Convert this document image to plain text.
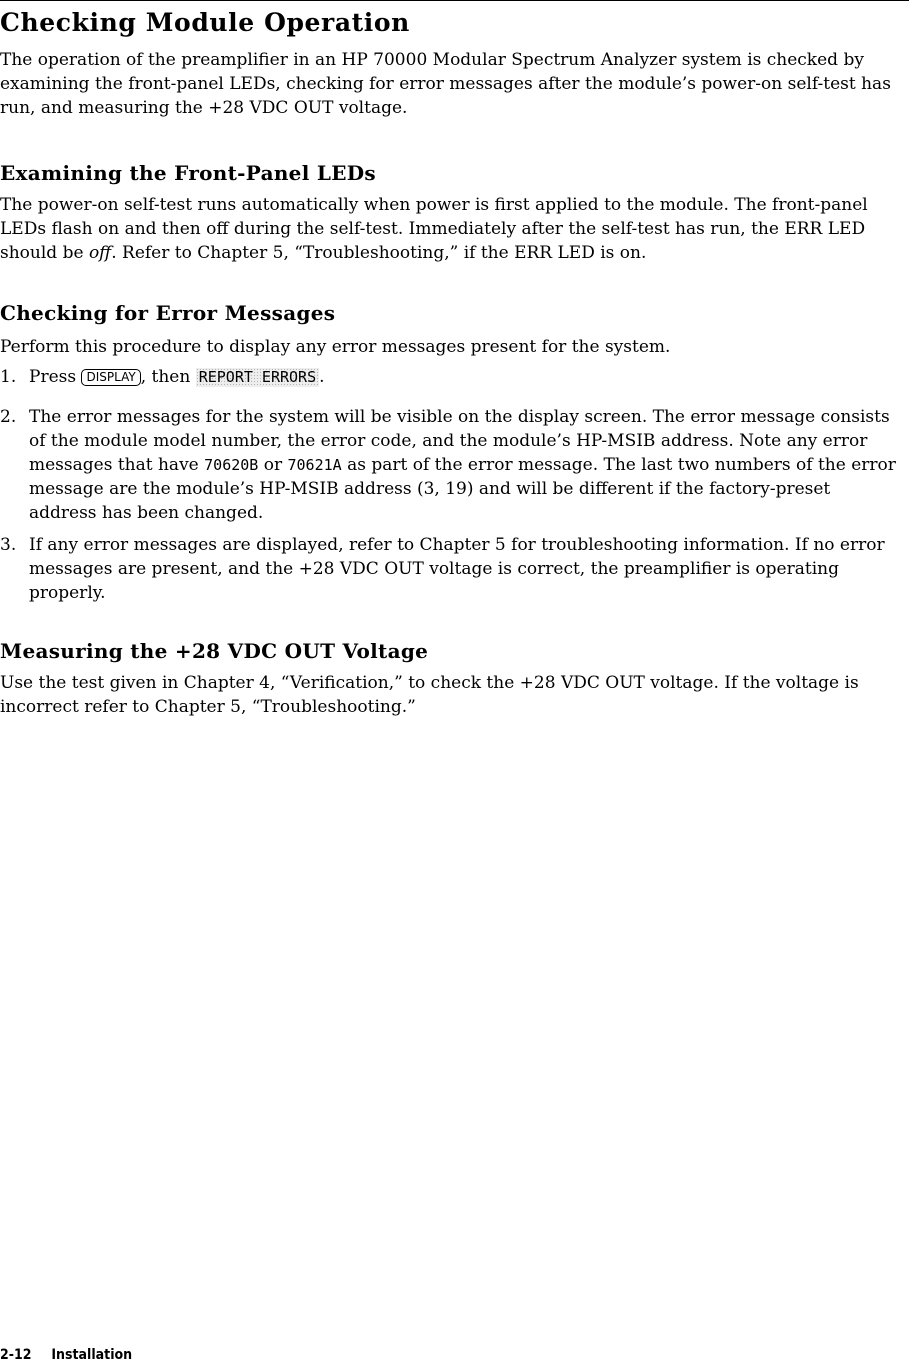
Checking Module Operation

The operation of the preamplifier in an HP 70000 Modular Spectrum Analyzer system is checked by examining the front-panel LEDs, checking for error messages after the module’s power-on self-test has run, and measuring the +28 VDC OUT voltage.

Examining the Front-Panel LEDs

The power-on self-test runs automatically when power is first applied to the module. The front-panel LEDs flash on and then off during the self-test. Immediately after the self-test has run, the ERR LED should be off. Refer to Chapter 5, “Troubleshooting,” if the ERR LED is on.

Checking for Error Messages

Perform this procedure to display any error messages present for the system.

1. Press DISPLAY , then REPORT ERRORS .
2. The error messages for the system will be visible on the display screen. The error message consists of the module model number, the error code, and the module’s HP-MSIB address. Note any error messages that have 70620B or 70621A as part of the error message. The last two numbers of the error message are the module’s HP-MSIB address (3, 19) and will be different if the factory-preset address has been changed.
3. If any error messages are displayed, refer to Chapter 5 for troubleshooting information. If no error messages are present, and the +28 VDC OUT voltage is correct, the preamplifier is operating properly.
Measuring the +28 VDC OUT Voltage

Use the test given in Chapter 4, “Verification,” to check the +28 VDC OUT voltage. If the voltage is incorrect refer to Chapter 5, “Troubleshooting.”

2-12 Installation
